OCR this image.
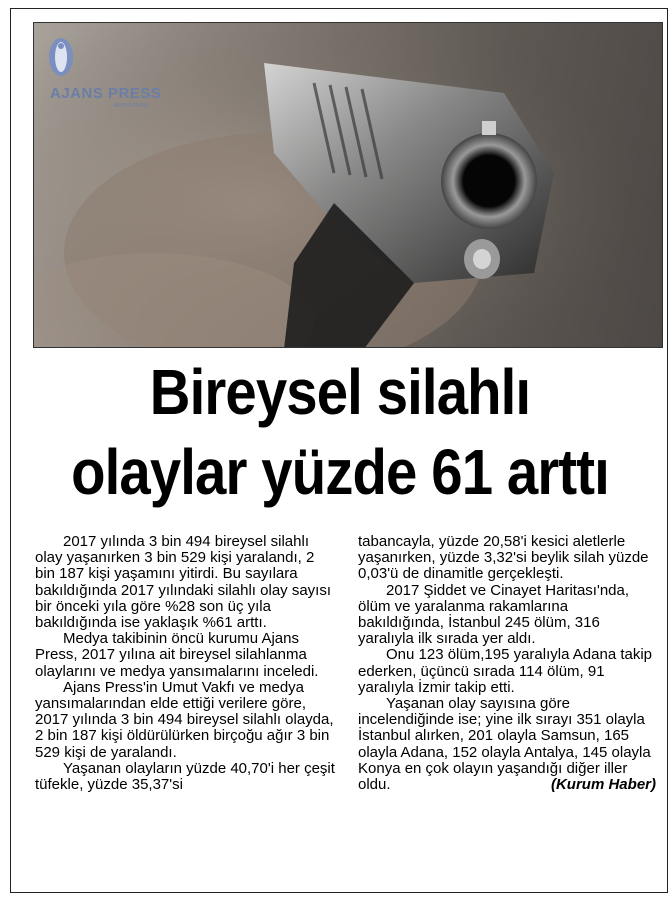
AJANS PRESS
MEDYA TAKİBİ
Bireysel silahlı
olaylar yüzde 61 arttı

2017 yılında 3 bin 494 bireysel silahlı olay yaşanırken 3 bin 529 kişi yaralandı, 2 bin 187 kişi yaşamını yitirdi. Bu sayılara bakıldığında 2017 yılındaki silahlı olay sayısı bir önceki yıla göre %28 son üç yıla bakıldığında ise yaklaşık %61 arttı.

Medya takibinin öncü kurumu Ajans Press, 2017 yılına ait bireysel silahlanma olaylarını ve medya yansımalarını inceledi.

Ajans Press'in Umut Vakfı ve medya yansımalarından elde ettiği verilere göre, 2017 yılında 3 bin 494 bireysel silahlı olayda, 2 bin 187 kişi öldürülürken birçoğu ağır 3 bin 529 kişi de yaralandı.

Yaşanan olayların yüzde 40,70'i her çeşit tüfekle, yüzde 35,37'si

tabancayla, yüzde 20,58'i kesici aletlerle yaşanırken, yüzde 3,32'si beylik silah yüzde 0,03'ü de dinamitle gerçekleşti.

2017 Şiddet ve Cinayet Haritası'nda, ölüm ve yaralanma rakamlarına bakıldığında, İstanbul 245 ölüm, 316 yaralıyla ilk sırada yer aldı.

Onu 123 ölüm,195 yaralıyla Adana takip ederken, üçüncü sırada 114 ölüm, 91 yaralıyla İzmir takip etti.

Yaşanan olay sayısına göre incelendiğinde ise; yine ilk sırayı 351 olayla İstanbul alırken, 201 olayla Samsun, 165 olayla Adana, 152 olayla Antalya, 145 olayla Konya en çok olayın yaşandığı diğer iller oldu.	(Kurum Haber)
